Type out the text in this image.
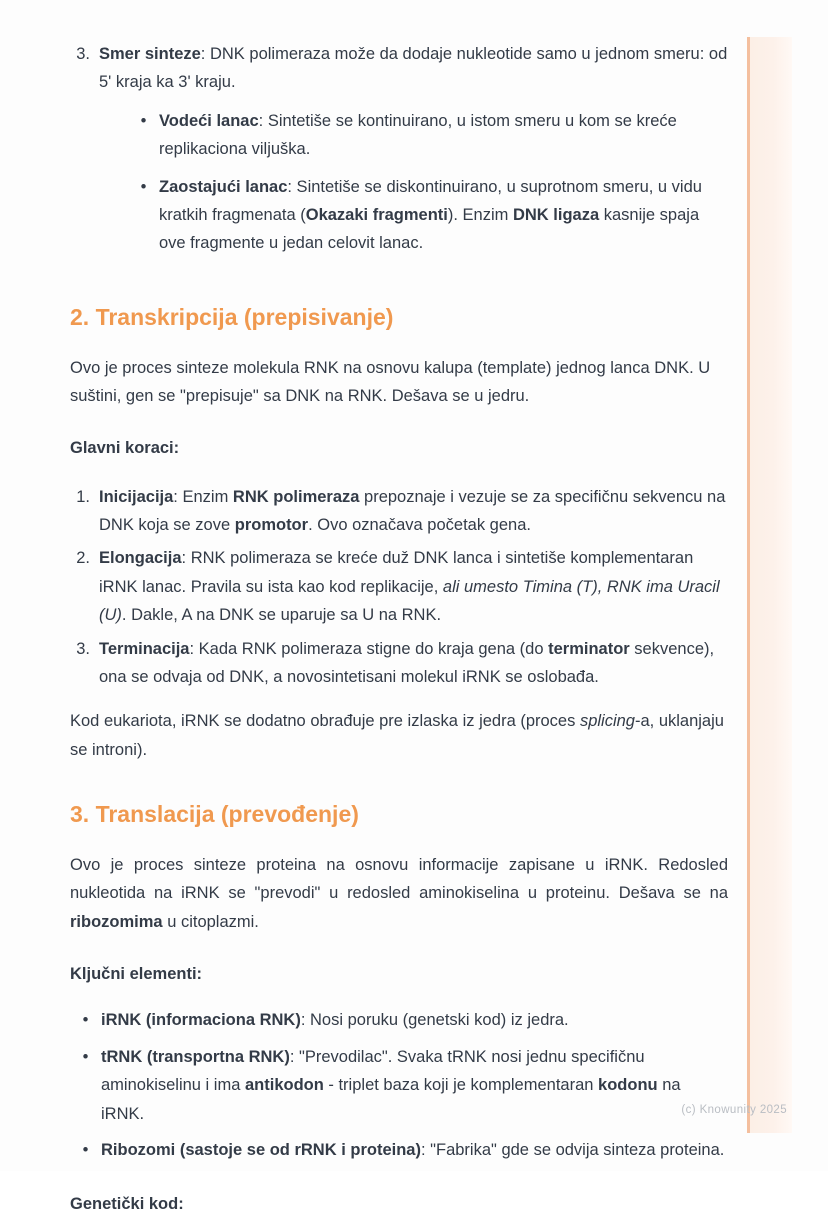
3. Smer sinteze: DNK polimeraza može da dodaje nukleotide samo u jednom smeru: od 5' kraja ka 3' kraju.

• Vodeći lanac: Sintetiše se kontinuirano, u istom smeru u kom se kreće replikaciona viljuška.

• Zaostajući lanac: Sintetiše se diskontinuirano, u suprotnom smeru, u vidu kratkih fragmenata (Okazaki fragmenti). Enzim DNK ligaza kasnije spaja ove fragmente u jedan celovit lanac.

2. Transkripcija (prepisivanje)

Ovo je proces sinteze molekula RNK na osnovu kalupa (template) jednog lanca DNK. U suštini, gen se "prepisuje" sa DNK na RNK. Dešava se u jedru.

Glavni koraci:

1. Inicijacija: Enzim RNK polimeraza prepoznaje i vezuje se za specifičnu sekvencu na DNK koja se zove promotor. Ovo označava početak gena.

2. Elongacija: RNK polimeraza se kreće duž DNK lanca i sintetiše komplementaran iRNK lanac. Pravila su ista kao kod replikacije, ali umesto Timina (T), RNK ima Uracil (U). Dakle, A na DNK se uparuje sa U na RNK.

3. Terminacija: Kada RNK polimeraza stigne do kraja gena (do terminator sekvence), ona se odvaja od DNK, a novosintetisani molekul iRNK se oslobađa.

Kod eukariota, iRNK se dodatno obrađuje pre izlaska iz jedra (proces splicing-a, uklanjaju se introni).

3. Translacija (prevođenje)

Ovo je proces sinteze proteina na osnovu informacije zapisane u iRNK. Redosled nukleotida na iRNK se "prevodi" u redosled aminokiselina u proteinu. Dešava se na ribozomima u citoplazmi.

Ključni elementi:

• iRNK (informaciona RNK): Nosi poruku (genetski kod) iz jedra.

• tRNK (transportna RNK): "Prevodilac". Svaka tRNK nosi jednu specifičnu aminokiselinu i ima antikodon - triplet baza koji je komplementaran kodonu na iRNK.

• Ribozomi (sastoje se od rRNK i proteina): "Fabrika" gde se odvija sinteza proteina.

Genetički kod:

(c) Knowunity 2025
